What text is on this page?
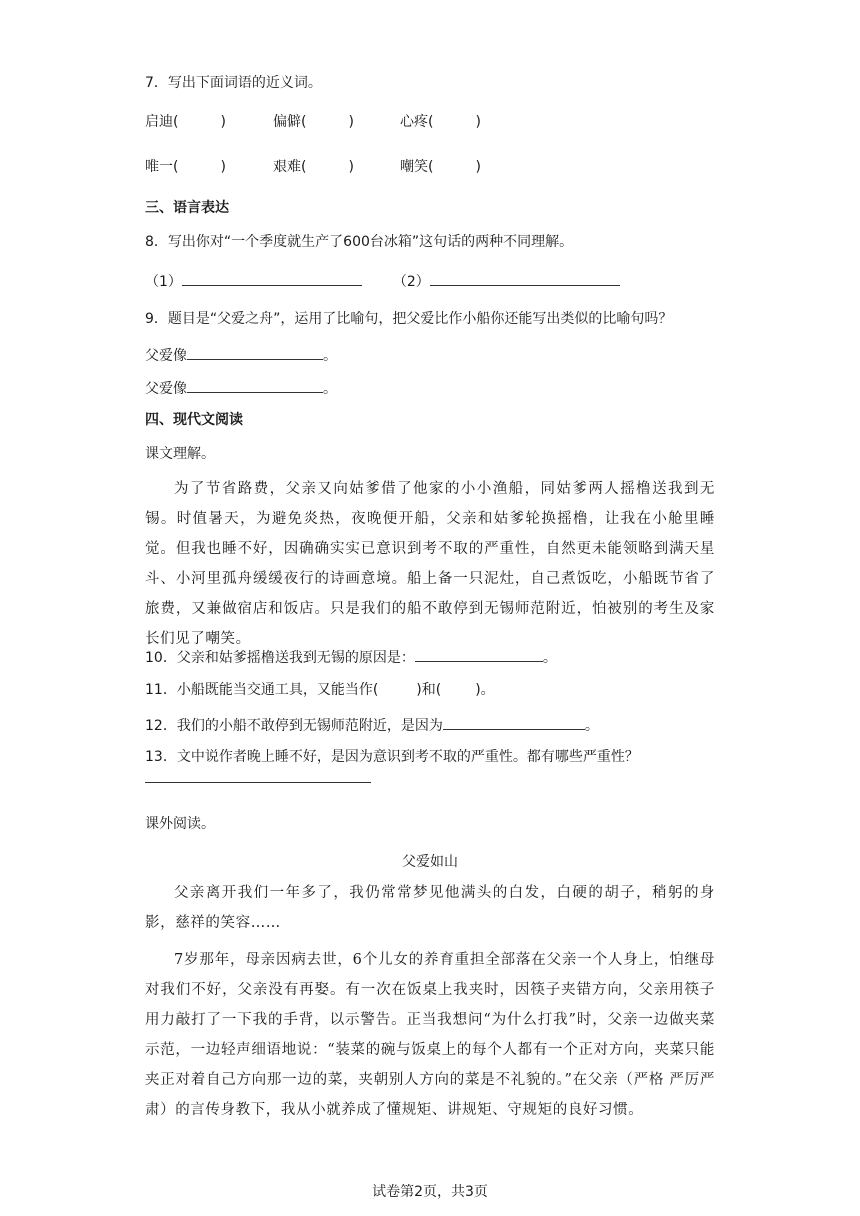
7．写出下面词语的近义词。
启迪(　　　)	偏僻(　　　)	心疼(　　　)
唯一(　　　)	艰难(　　　)	嘲笑(　　　)
三、语言表达
8．写出你对“一个季度就生产了600台冰箱”这句话的两种不同理解。
（1）	（2）
9．题目是“父爱之舟”，运用了比喻句，把父爱比作小船你还能写出类似的比喻句吗？
父爱像	。
父爱像	。
四、现代文阅读
课文理解。
为了节省路费，父亲又向姑爹借了他家的小小渔船，同姑爹两人摇橹送我到无锡。时值暑天，为避免炎热，夜晚便开船，父亲和姑爹轮换摇橹，让我在小舱里睡觉。但我也睡不好，因确确实实已意识到考不取的严重性，自然更未能领略到满天星斗、小河里孤舟缓缓夜行的诗画意境。船上备一只泥灶，自己煮饭吃，小船既节省了旅费，又兼做宿店和饭店。只是我们的船不敢停到无锡师范附近，怕被别的考生及家长们见了嘲笑。
10．父亲和姑爹摇橹送我到无锡的原因是：	。
11．小船既能当交通工具，又能当作(	)和( )。
12．我们的小船不敢停到无锡师范附近，是因为	。
13．文中说作者晚上睡不好，是因为意识到考不取的严重性。都有哪些严重性？
课外阅读。
父爱如山
父亲离开我们一年多了，我仍常常梦见他满头的白发，白硬的胡子，稍躬的身影，慈祥的笑容……
7岁那年，母亲因病去世，6个儿女的养育重担全部落在父亲一个人身上，怕继母对我们不好，父亲没有再娶。有一次在饭桌上我夹时，因筷子夹错方向，父亲用筷子用力敲打了一下我的手背，以示警告。正当我想问“为什么打我”时，父亲一边做夹菜示范，一边轻声细语地说：“装菜的碗与饭桌上的每个人都有一个正对方向，夹菜只能夹正对着自己方向那一边的菜，夹朝别人方向的菜是不礼貌的。”在父亲（严格 严厉严肃）的言传身教下，我从小就养成了懂规矩、讲规矩、守规矩的良好习惯。
试卷第2页，共3页
